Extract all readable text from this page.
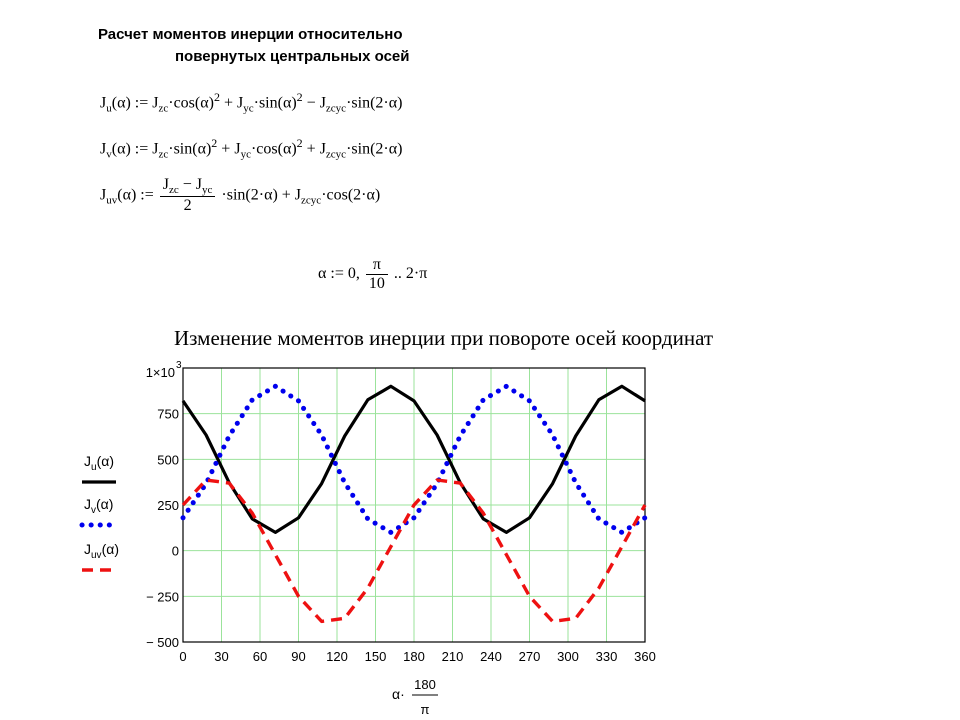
Расчет моментов инерции относительно
повернутых центральных осей
$J_u(\alpha)$ := $J_{zc}\cdot\cos(\alpha)^2 + J_{yc}\cdot\sin(\alpha)^2 - J_{zcyc}\cdot\sin(2\cdot\alpha)$
$J_v(\alpha)$ := $J_{zc}\cdot\sin(\alpha)^2 + J_{yc}\cdot\cos(\alpha)^2 + J_{zcyc}\cdot\sin(2\cdot\alpha)$
$J_{uv}(\alpha)$ := $\frac{J_{zc} - J_{yc}}{2} \cdot\sin(2\cdot\alpha) + J_{zcyc}\cdot\cos(2\cdot\alpha)$
α := 0, $\frac{\pi}{10}$ .. 2·π
Изменение моментов инерции при повороте осей координат
0 30 60 90 120 150 180 210 240 270 300 330 360
− 500
− 250
0
250
500
750
1×10 3
$J_u(\alpha)$
$J_v(\alpha)$
$J_{uv}(\alpha)$
α·
180
π
